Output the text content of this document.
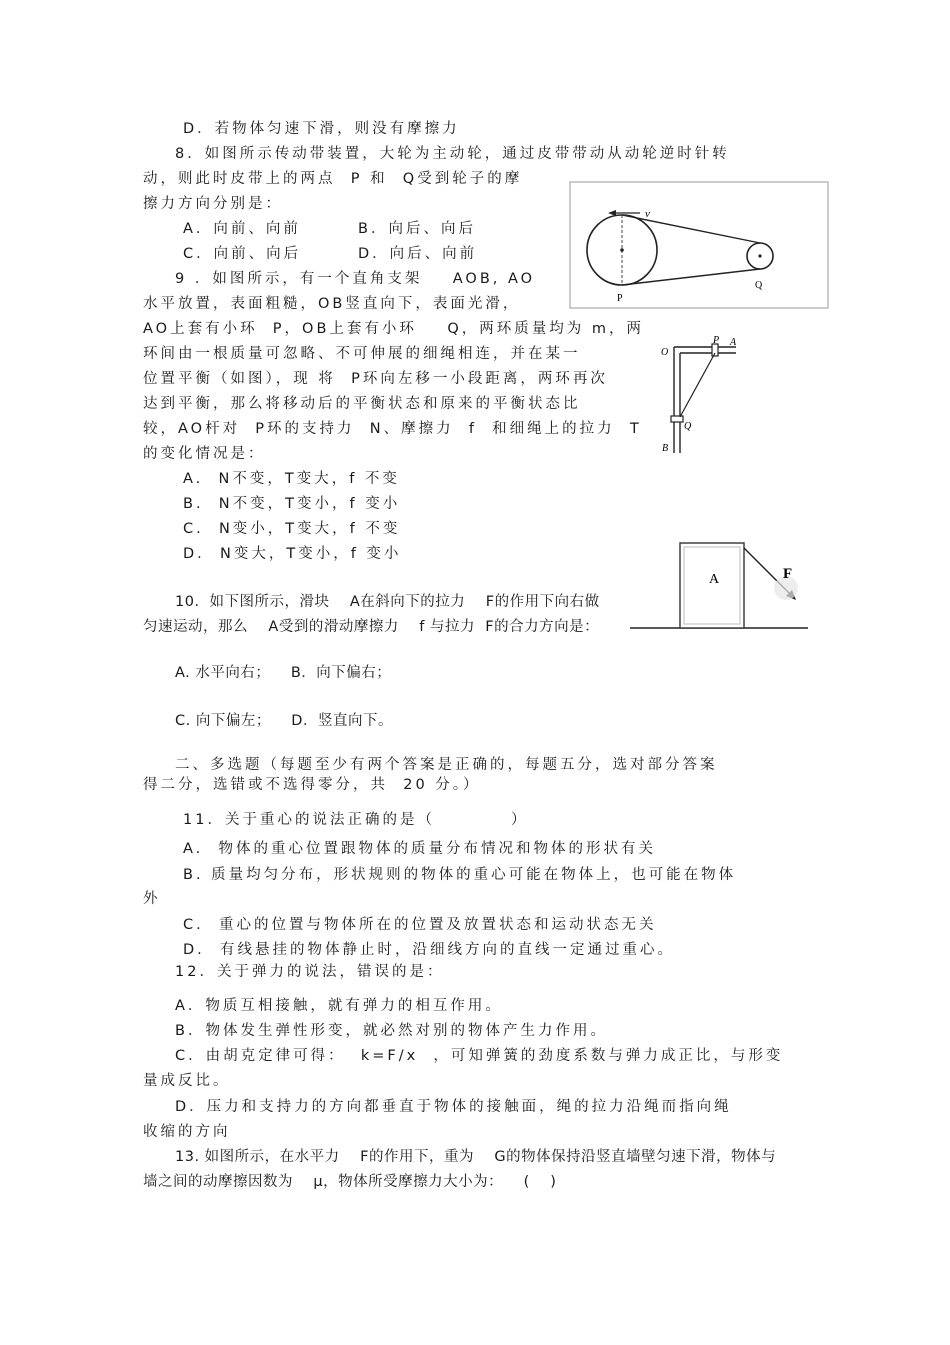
D．若物体匀速下滑，则没有摩擦力
8．如图所示传动带装置，大轮为主动轮，通过皮带带动从动轮逆时针转
动，则此时皮带上的两点  P 和  Q受到轮子的摩
擦力方向分别是：
A．向前、向前	B．向后、向后
C．向前、向后	D．向后、向前
v
P
Q
9 ．如图所示，有一个直角支架    AOB, AO
水平放置，表面粗糙，OB竖直向下，表面光滑，
AO上套有小环  P，OB上套有小环    Q，两环质量均为 m，两
环间由一根质量可忽略、不可伸展的细绳相连，并在某一
位置平衡（如图），现 将  P环向左移一小段距离，两环再次
达到平衡，那么将移动后的平衡状态和原来的平衡状态比
较，AO杆对  P环的支持力  N、摩擦力  f  和细绳上的拉力  T
的变化情况是：
A.  N不变，T变大，f 不变
B.  N不变，T变小，f 变小
C.  N变小，T变大，f 不变
D.  N变大，T变小，f 变小
O
P A
Q
B
10．如下图所示，滑块    A在斜向下的拉力    F的作用下向右做
匀速运动，那么    A受到的滑动摩擦力    f 与拉力  F的合力方向是：
A. 水平向右；    B．向下偏右；
C. 向下偏左；    D．竖直向下。
A	F
二、多选题（每题至少有两个答案是正确的，每题五分，选对部分答案
得二分，选错或不选得零分，共  20 分。）
11．关于重心的说法正确的是（          ）
A.  物体的重心位置跟物体的质量分布情况和物体的形状有关
B. 质量均匀分布，形状规则的物体的重心可能在物体上，也可能在物体
外
C.  重心的位置与物体所在的位置及放置状态和运动状态无关
D.  有线悬挂的物体静止时，沿细线方向的直线一定通过重心。
12．关于弹力的说法，错误的是：
A．物质互相接触，就有弹力的相互作用。
B．物体发生弹性形变，就必然对别的物体产生力作用。
C．由胡克定律可得：  k=F/x  ，可知弹簧的劲度系数与弹力成正比，与形变
量成反比。
D．压力和支持力的方向都垂直于物体的接触面，绳的拉力沿绳而指向绳
收缩的方向
13. 如图所示，在水平力    F的作用下，重为    G的物体保持沿竖直墙壁匀速下滑，物体与
墙之间的动摩擦因数为    μ，物体所受摩擦力大小为：    (    )
